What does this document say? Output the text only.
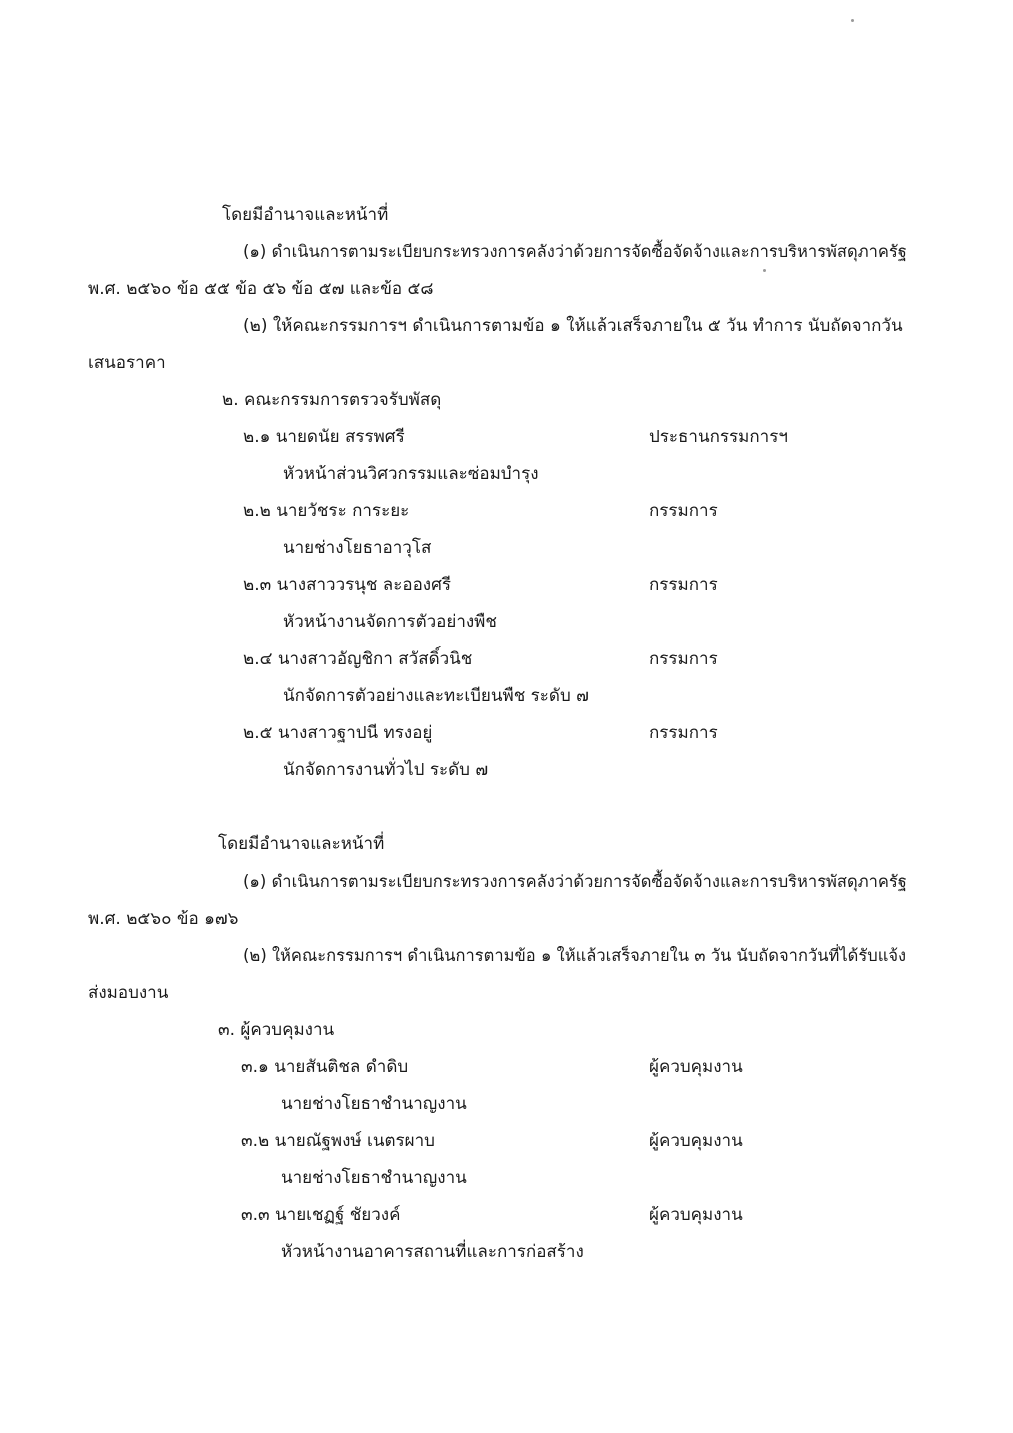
โดยมีอำนาจและหน้าที่
(๑) ดำเนินการตามระเบียบกระทรวงการคลังว่าด้วยการจัดซื้อจัดจ้างและการบริหารพัสดุภาครัฐ
พ.ศ. ๒๕๖๐ ข้อ ๕๕ ข้อ ๕๖ ข้อ ๕๗ และข้อ ๕๘
(๒) ให้คณะกรรมการฯ ดำเนินการตามข้อ ๑ ให้แล้วเสร็จภายใน ๕ วัน ทำการ นับถัดจากวัน
เสนอราคา
๒. คณะกรรมการตรวจรับพัสดุ
๒.๑ นายดนัย สรรพศรี	ประธานกรรมการฯ
หัวหน้าส่วนวิศวกรรมและซ่อมบำรุง
๒.๒ นายวัชระ การะยะ	กรรมการ
นายช่างโยธาอาวุโส
๒.๓ นางสาววรนุช ละอองศรี	กรรมการ
หัวหน้างานจัดการตัวอย่างพืช
๒.๔ นางสาวอัญชิกา สวัสดิ์วนิช	กรรมการ
นักจัดการตัวอย่างและทะเบียนพืช ระดับ ๗
๒.๕ นางสาวฐาปนี ทรงอยู่	กรรมการ
นักจัดการงานทั่วไป ระดับ ๗
โดยมีอำนาจและหน้าที่
(๑) ดำเนินการตามระเบียบกระทรวงการคลังว่าด้วยการจัดซื้อจัดจ้างและการบริหารพัสดุภาครัฐ
พ.ศ. ๒๕๖๐ ข้อ ๑๗๖
(๒) ให้คณะกรรมการฯ ดำเนินการตามข้อ ๑ ให้แล้วเสร็จภายใน ๓ วัน นับถัดจากวันที่ได้รับแจ้ง
ส่งมอบงาน
๓. ผู้ควบคุมงาน
๓.๑ นายสันติชล ดำดิบ	ผู้ควบคุมงาน
นายช่างโยธาชำนาญงาน
๓.๒ นายณัฐพงษ์ เนตรผาบ	ผู้ควบคุมงาน
นายช่างโยธาชำนาญงาน
๓.๓ นายเชฏฐ์ ชัยวงค์	ผู้ควบคุมงาน
หัวหน้างานอาคารสถานที่และการก่อสร้าง
